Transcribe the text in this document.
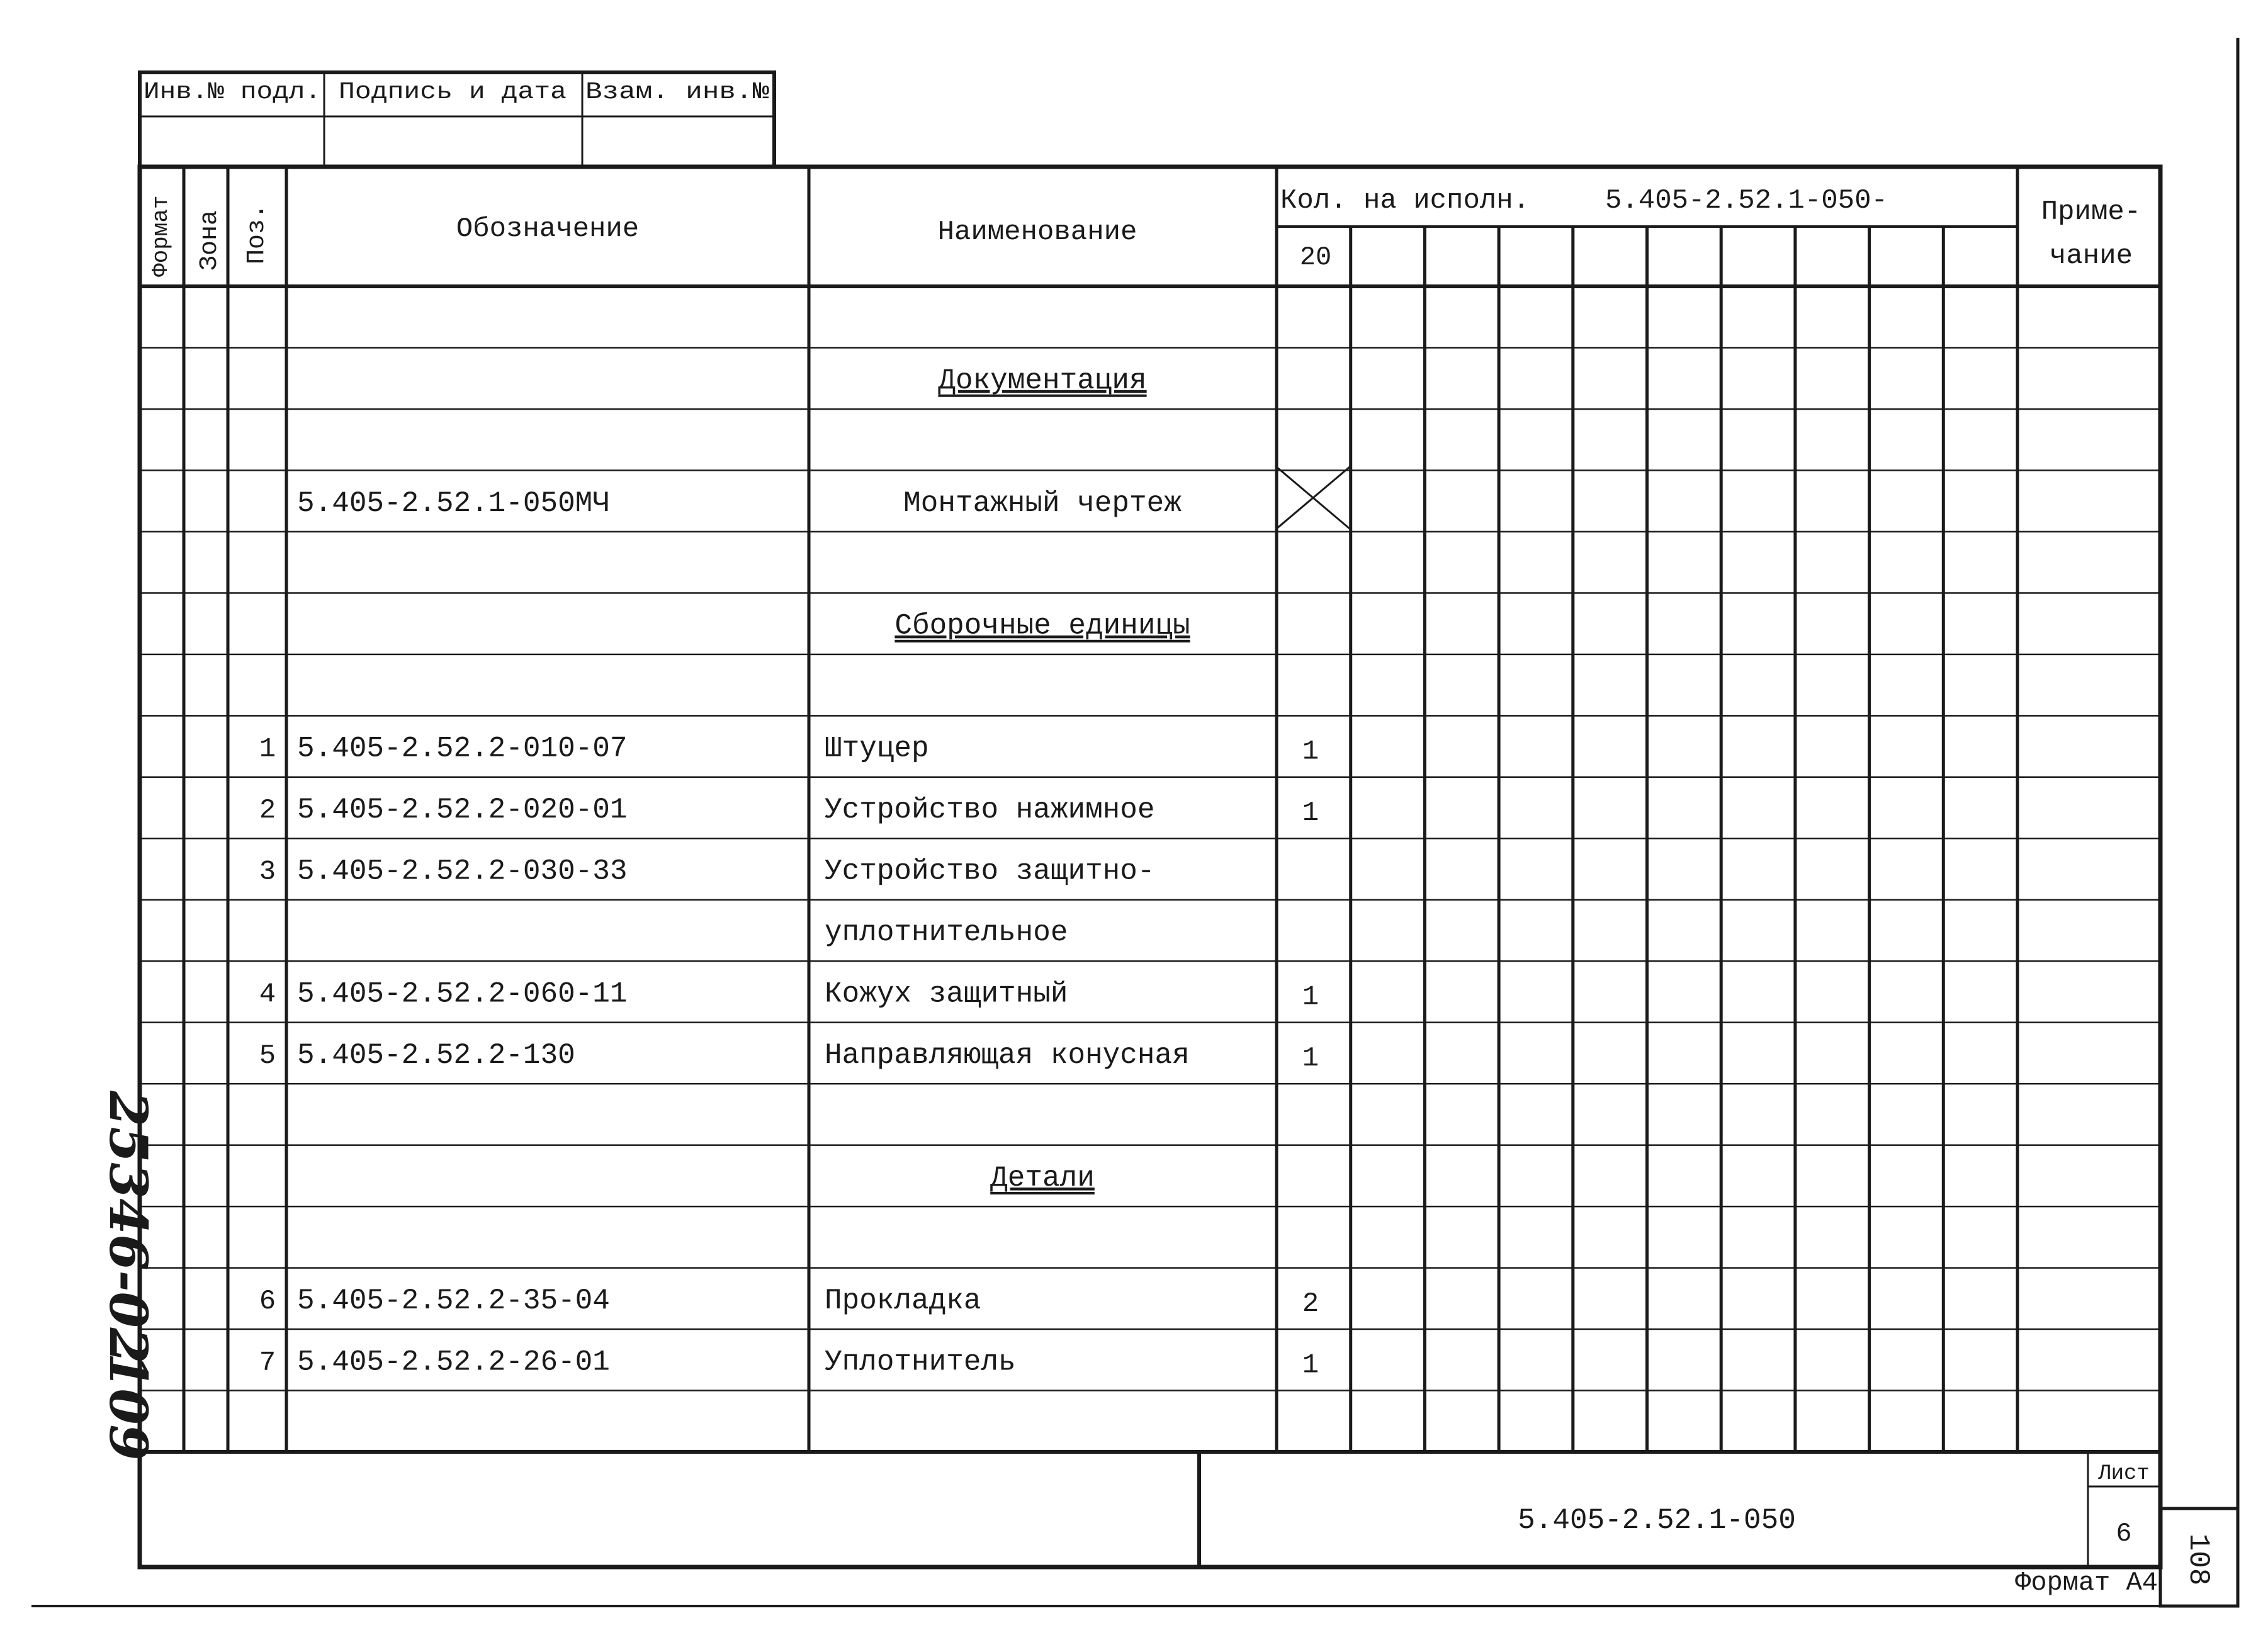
Инв.№ подл. Подпись и дата Взам. инв.№
Формат Зона Поз.	Обозначение	Наименование
Кол. на исполн.	5.405-2.52.1-050-
20
Приме-
чание
Документация
5.405-2.52.1-050МЧ	Монтажный чертеж
Сборочные единицы
1 5.405-2.52.2-010-07	Штуцер	1
2 5.405-2.52.2-020-01	Устройство нажимное	1
3 5.405-2.52.2-030-33	Устройство защитно-
уплотнительное
4 5.405-2.52.2-060-11	Кожух защитный	1
5 5.405-2.52.2-130	Направляющая конусная	1
Детали
6 5.405-2.52.2-35-04	Прокладка	2
7 5.405-2.52.2-26-01	Уплотнитель	1
5.405-2.52.1-050
Лист
6
Формат А4 108
25346-02
109
